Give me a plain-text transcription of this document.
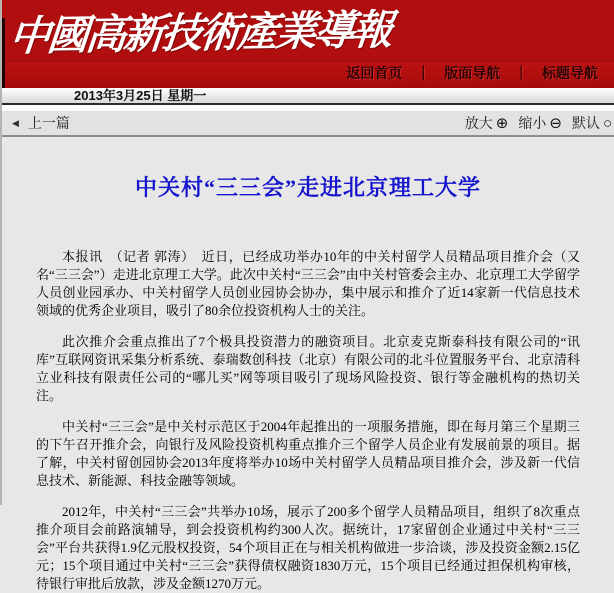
中國高新技術產業導報
返回首页 ｜ 版面导航 ｜ 标题导航
2013年3月25日 星期一
◀ 上一篇	放大 ⊕ 缩小 ⊖ 默认 ○
中关村“三三会”走进北京理工大学

本报讯　（记者 郭涛）　近日，已经成功举办10年的中关村留学人员精品项目推介会（又名“三三会”）走进北京理工大学。此次中关村“三三会”由中关村管委会主办、北京理工大学留学人员创业园承办、中关村留学人员创业园协会协办，集中展示和推介了近14家新一代信息技术领域的优秀企业项目，吸引了80余位投资机构人士的关注。

此次推介会重点推出了7个极具投资潜力的融资项目。北京麦克斯泰科技有限公司的“讯库”互联网资讯采集分析系统、泰瑞数创科技（北京）有限公司的北斗位置服务平台、北京清科立业科技有限责任公司的“哪儿买”网等项目吸引了现场风险投资、银行等金融机构的热切关注。

中关村“三三会”是中关村示范区于2004年起推出的一项服务措施，即在每月第三个星期三的下午召开推介会，向银行及风险投资机构重点推介三个留学人员企业有发展前景的项目。据了解，中关村留创园协会2013年度将举办10场中关村留学人员精品项目推介会，涉及新一代信息技术、新能源、科技金融等领域。

2012年，中关村“三三会”共举办10场，展示了200多个留学人员精品项目，组织了8次重点推介项目会前路演辅导，到会投资机构约300人次。据统计，17家留创企业通过中关村“三三会”平台共获得1.9亿元股权投资，54个项目正在与相关机构做进一步洽谈，涉及投资金额2.15亿元；15个项目通过中关村“三三会”获得债权融资1830万元，15个项目已经通过担保机构审核，待银行审批后放款，涉及金额1270万元。
